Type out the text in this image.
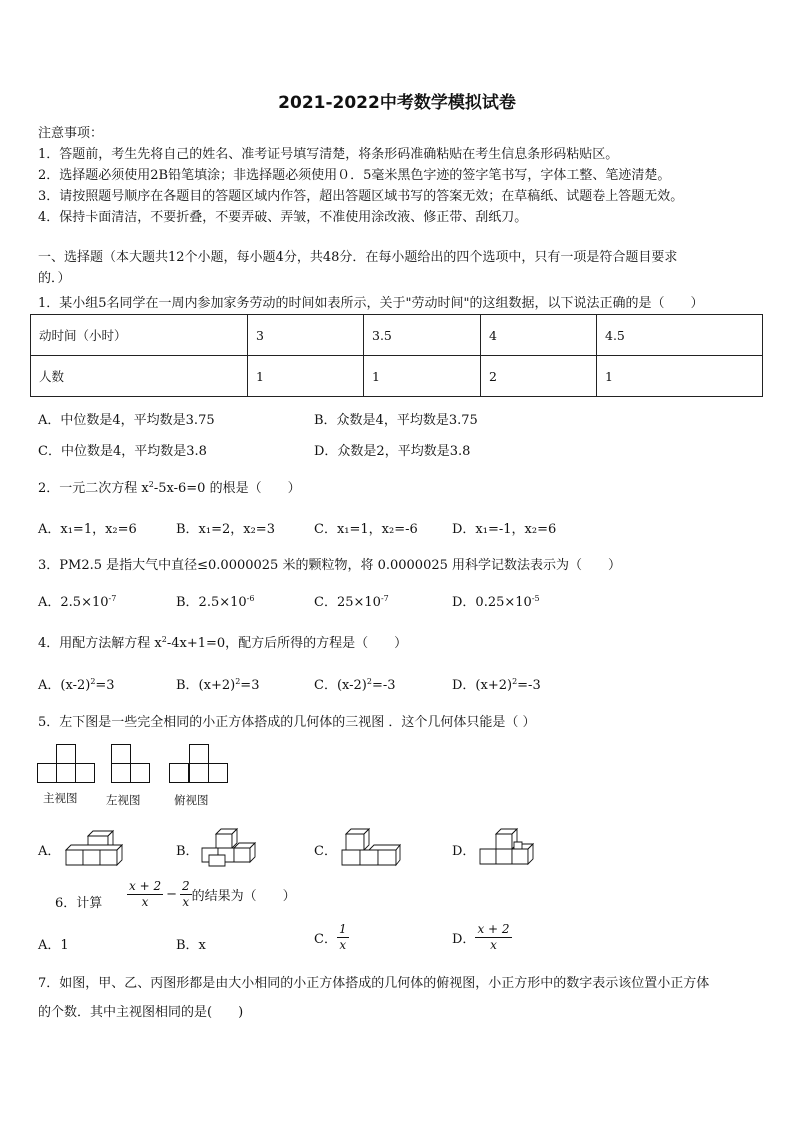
2021-2022中考数学模拟试卷
注意事项：
1．答题前，考生先将自己的姓名、准考证号填写清楚，将条形码准确粘贴在考生信息条形码粘贴区。
2．选择题必须使用2B铅笔填涂；非选择题必须使用０．5毫米黑色字迹的签字笔书写，字体工整、笔迹清楚。
3．请按照题号顺序在各题目的答题区域内作答，超出答题区域书写的答案无效；在草稿纸、试题卷上答题无效。
4．保持卡面清洁，不要折叠，不要弄破、弄皱，不准使用涂改液、修正带、刮纸刀。
一、选择题（本大题共12个小题，每小题4分，共48分．在每小题给出的四个选项中，只有一项是符合题目要求
的．）
1．某小组5名同学在一周内参加家务劳动的时间如表所示，关于"劳动时间"的这组数据，以下说法正确的是（　　）
动时间（小时）	3	3.5	4	4.5
人数	1	1	2	1
A．中位数是4，平均数是3.75	B．众数是4，平均数是3.75
C．中位数是4，平均数是3.8	D．众数是2，平均数是3.8
2．一元二次方程 $x^2-5x-6=0$ 的根是（　　）
A．x₁=1，x₂=6	B．x₁=2，x₂=3	C．x₁=1，x₂=-6	D．x₁=-1，x₂=6
3．PM2.5 是指大气中直径≤0.0000025 米的颗粒物，将 0.0000025 用科学记数法表示为（　　）
A．$2.5\times 10^{-7}$	B．$2.5\times 10^{-6}$	C．$25\times 10^{-7}$	D．$0.25\times 10^{-5}$
4．用配方法解方程 $x^2-4x+1=0$，配方后所得的方程是（　　）
A．$(x-2)^2=3$	B．$(x+2)^2=3$	C．$(x-2)^2=-3$	D．$(x+2)^2=-3$
5．左下图是一些完全相同的小正方体搭成的几何体的三视图 ．这个几何体只能是（ ）
主视图 左视图	俯视图
A．	B．	C．	D．
6．计算 $\frac{x + 2}{x} - \frac{2}{x}$ 的结果为（　　）
A．1	B．x	C． $\frac{1}{x}$	D． $\frac{x + 2}{x}$
7．如图，甲、乙、丙图形都是由大小相同的小正方体搭成的几何体的俯视图，小正方形中的数字表示该位置小正方体
的个数．其中主视图相同的是(　　)
